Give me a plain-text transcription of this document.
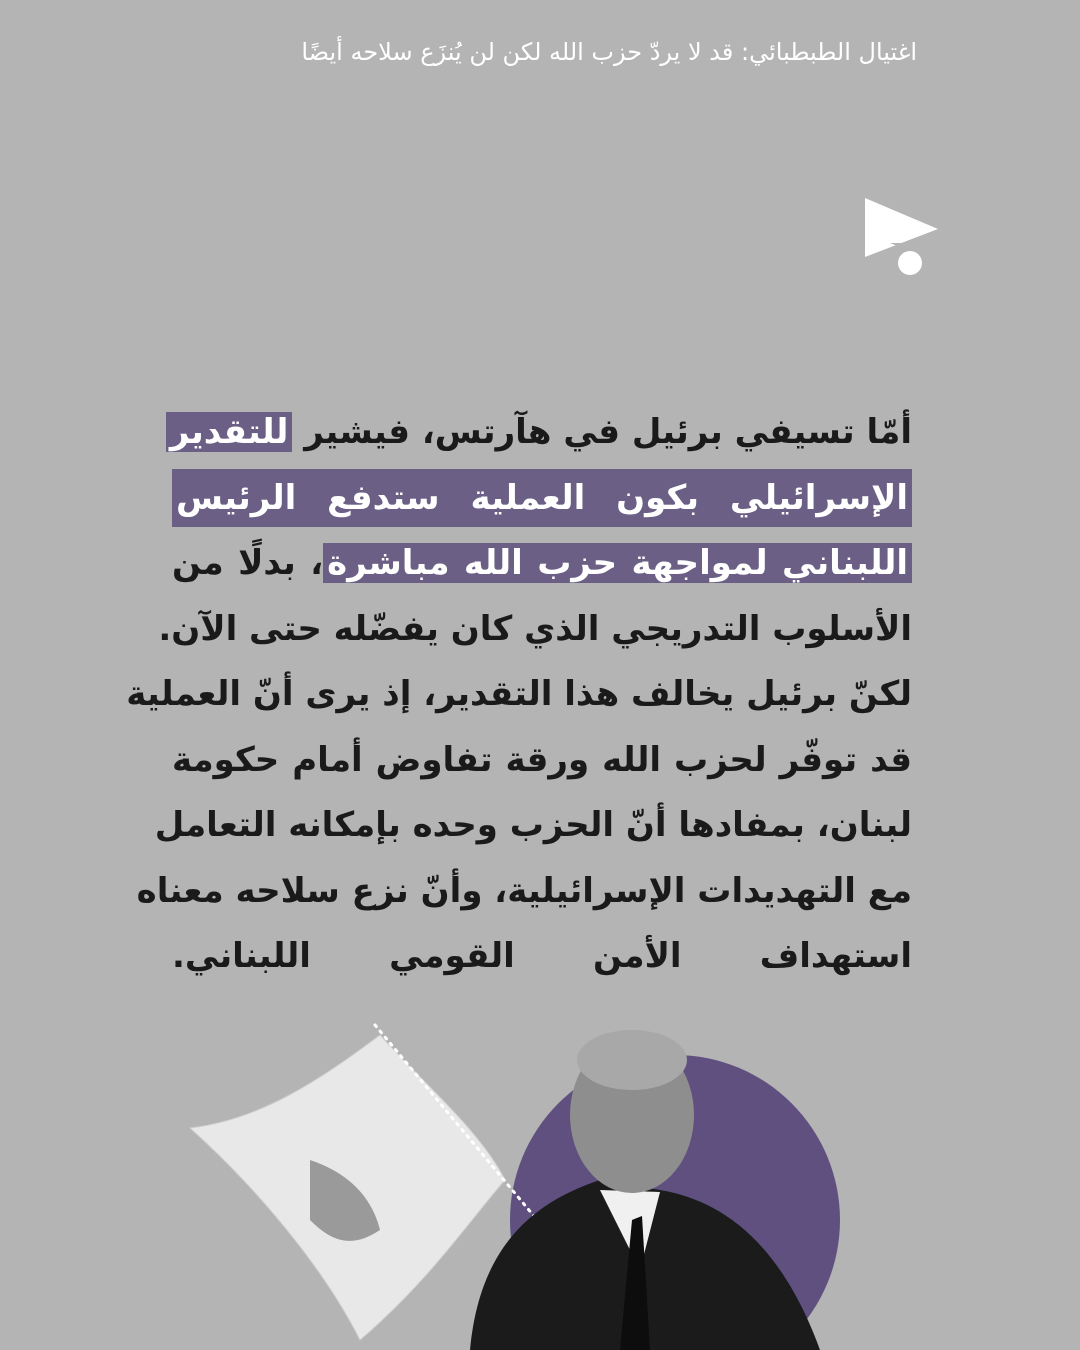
اغتيال الطبطبائي: قد لا يردّ حزب الله لكن لن يُنزَع سلاحه أيضًا
أمّا تسيفي برئيل في هآرتس، فيشير للتقدير
الإسرائيلي بكون العملية ستدفع الرئيس
اللبناني لمواجهة حزب الله مباشرة، بدلًا من
الأسلوب التدريجي الذي كان يفضّله حتى الآن.
لكنّ برئيل يخالف هذا التقدير، إذ يرى أنّ العملية
قد توفّر لحزب الله ورقة تفاوض أمام حكومة
لبنان، بمفادها أنّ الحزب وحده بإمكانه التعامل
مع التهديدات الإسرائيلية، وأنّ نزع سلاحه معناه
استهداف الأمن القومي اللبناني.
